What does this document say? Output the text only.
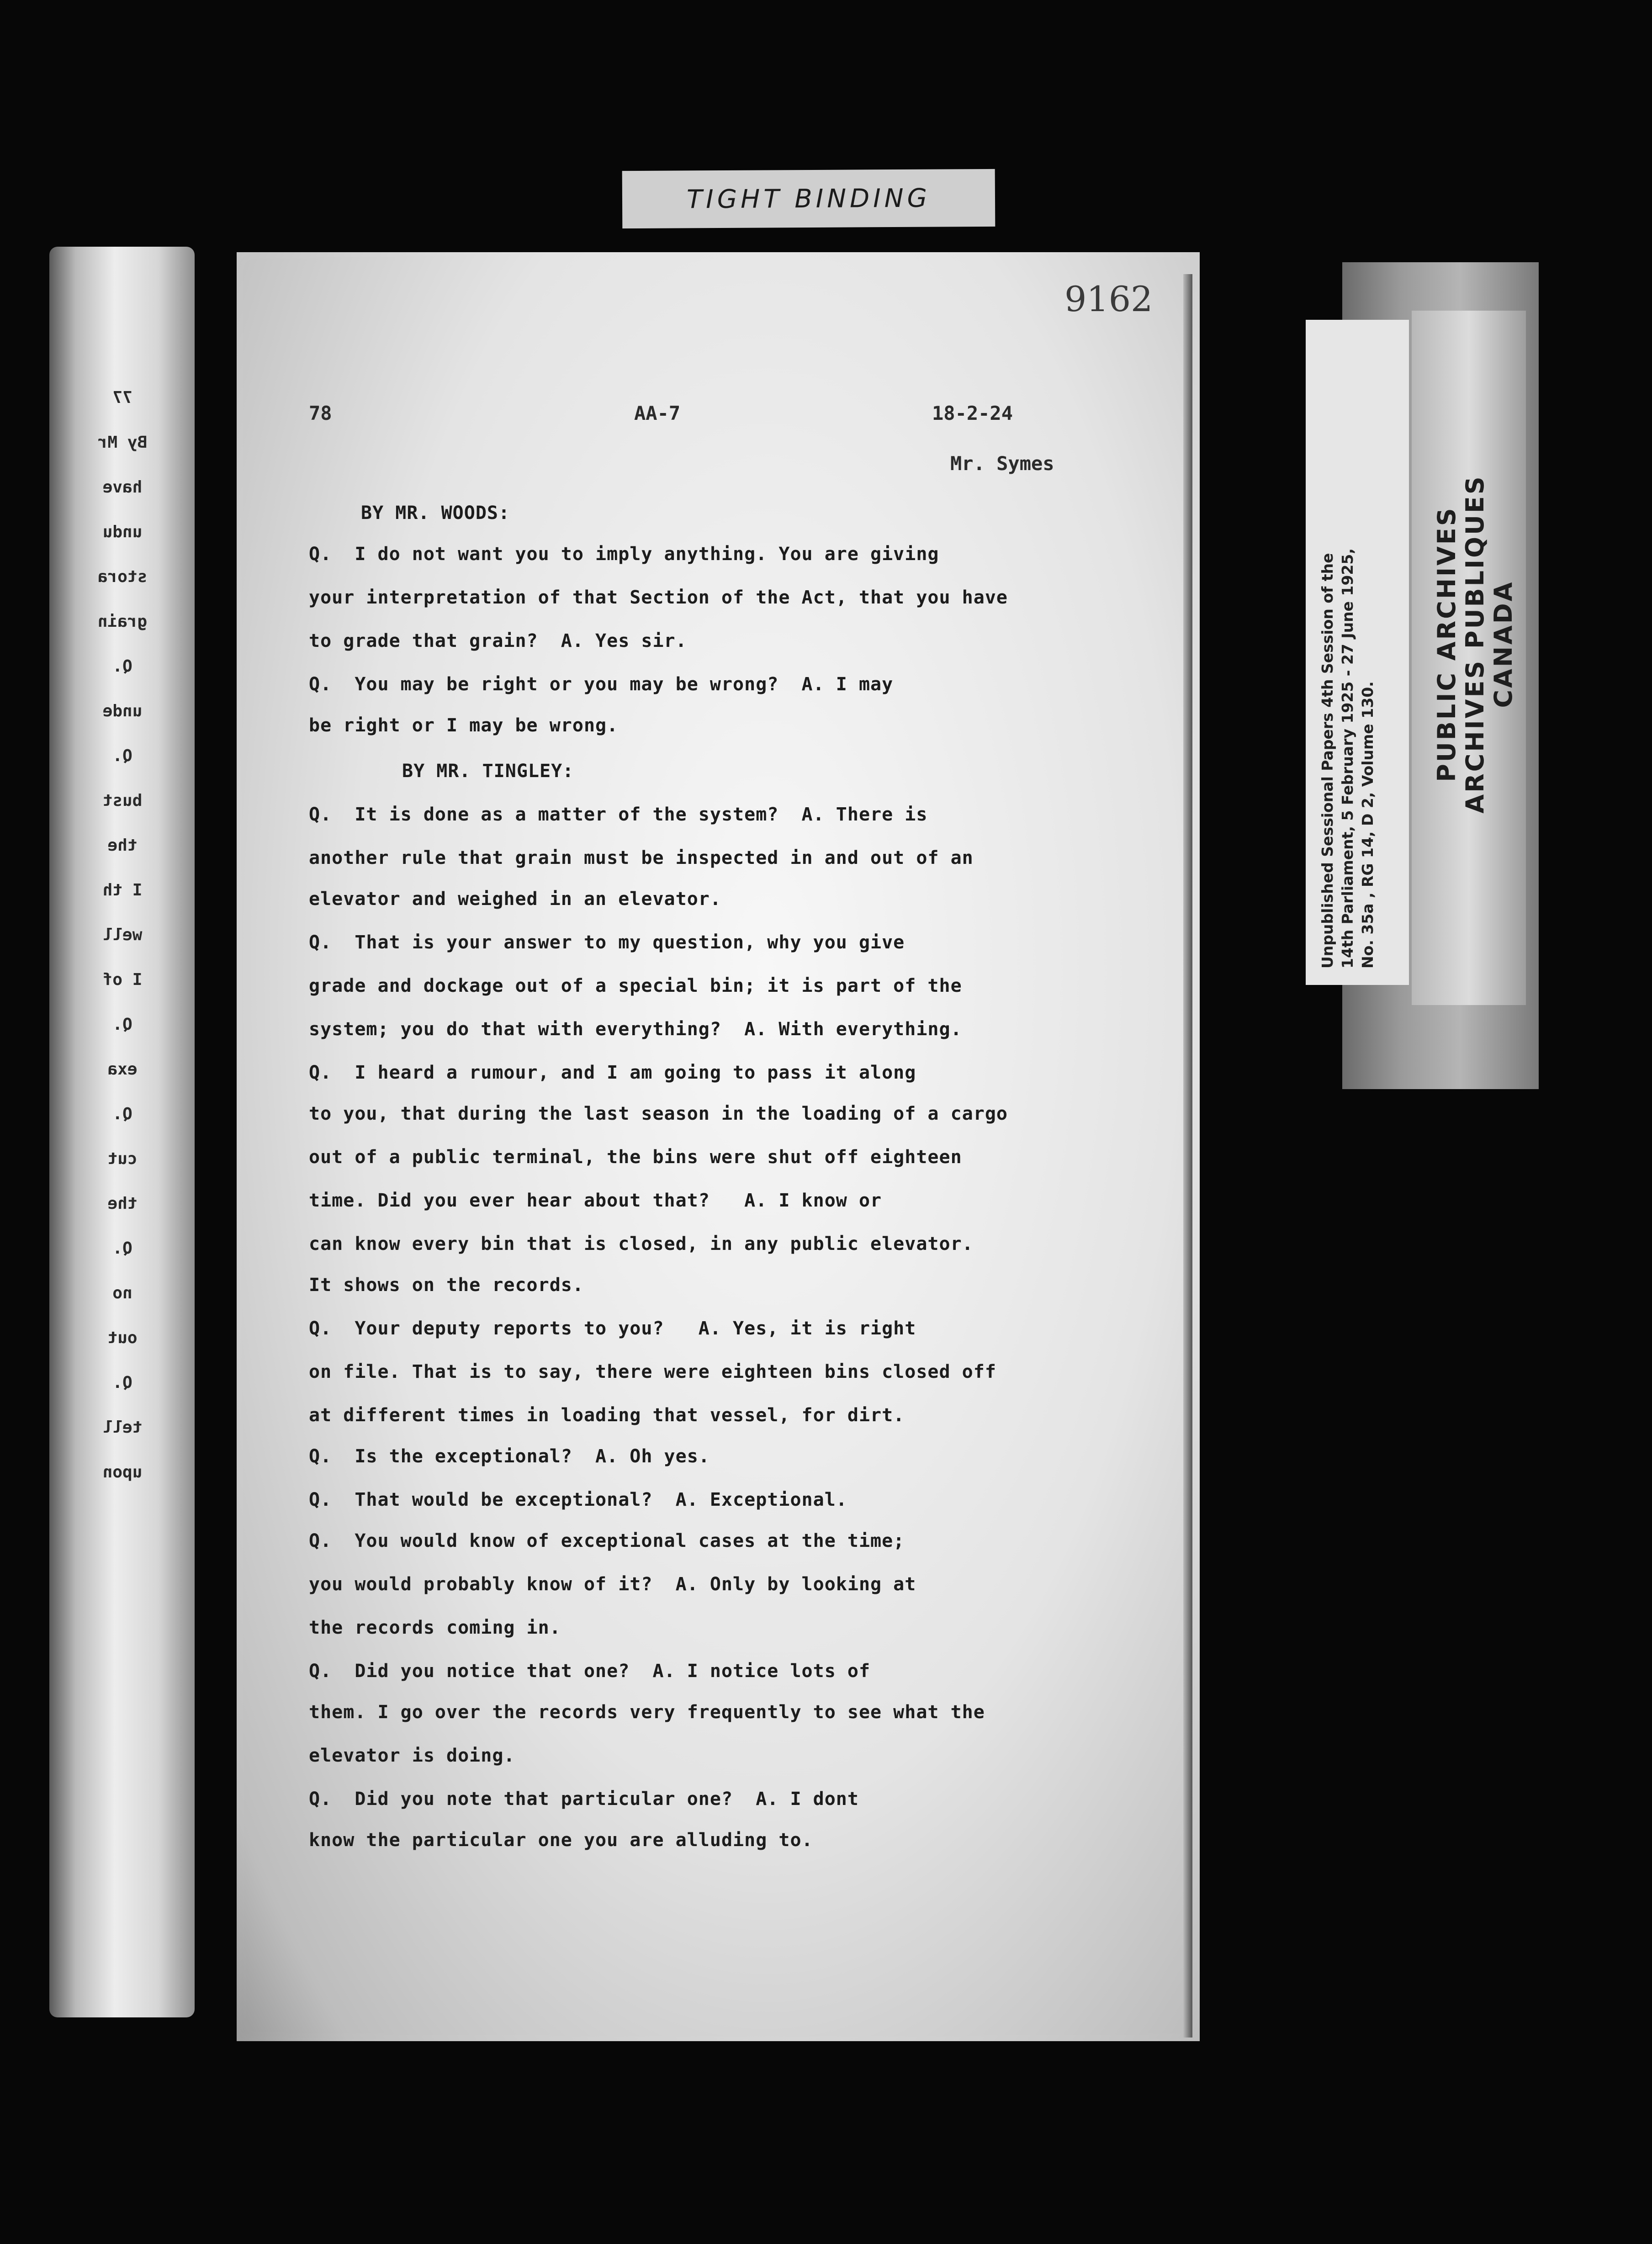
TIGHT BINDING
77
By Mr
have
undu
stora
grain
Q.
unde
Q.
bust
the
I th
well
I of
Q.
exa
Q.
cut
the
Q.
no
out
Q.
tell
upon
9162
78	AA-7	18-2-24
Mr. Symes
BY MR. WOODS:
Q.  I do not want you to imply anything. You are giving
your interpretation of that Section of the Act, that you have
to grade that grain?  A. Yes sir.
Q.  You may be right or you may be wrong?  A. I may
be right or I may be wrong.
BY MR. TINGLEY:
Q.  It is done as a matter of the system?  A. There is
another rule that grain must be inspected in and out of an
elevator and weighed in an elevator.
Q.  That is your answer to my question, why you give
grade and dockage out of a special bin; it is part of the
system; you do that with everything?  A. With everything.
Q.  I heard a rumour, and I am going to pass it along
to you, that during the last season in the loading of a cargo
out of a public terminal, the bins were shut off eighteen
time. Did you ever hear about that?   A. I know or
can know every bin that is closed, in any public elevator.
It shows on the records.
Q.  Your deputy reports to you?   A. Yes, it is right
on file. That is to say, there were eighteen bins closed off
at different times in loading that vessel, for dirt.
Q.  Is the exceptional?  A. Oh yes.
Q.  That would be exceptional?  A. Exceptional.
Q.  You would know of exceptional cases at the time;
you would probably know of it?  A. Only by looking at
the records coming in.
Q.  Did you notice that one?  A. I notice lots of
them. I go over the records very frequently to see what the
elevator is doing.
Q.  Did you note that particular one?  A. I dont
know the particular one you are alluding to.
Unpublished Sessional Papers 4th Session of the 14th Parliament, 5 February 1925 - 27 June 1925, No. 35a , RG 14, D 2, Volume 130.
PUBLIC ARCHIVES ARCHIVES PUBLIQUES CANADA
